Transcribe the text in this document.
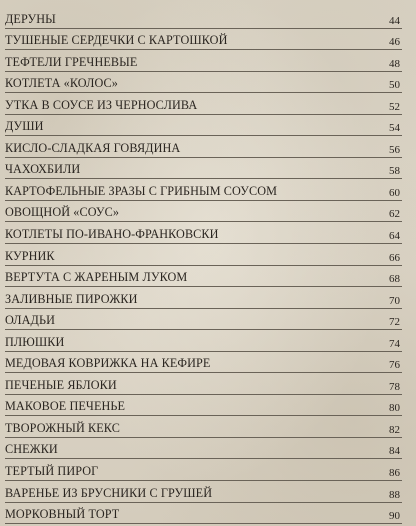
ДЕРУНЫ	44
ТУШЕНЫЕ СЕРДЕЧКИ С КАРТОШКОЙ	46
ТЕФТЕЛИ ГРЕЧНЕВЫЕ	48
КОТЛЕТА «КОЛОС»	50
УТКА В СОУСЕ ИЗ ЧЕРНОСЛИВА	52
ДУШИ	54
КИСЛО-СЛАДКАЯ ГОВЯДИНА	56
ЧАХОХБИЛИ	58
КАРТОФЕЛЬНЫЕ ЗРАЗЫ С ГРИБНЫМ СОУСОМ	60
ОВОЩНОЙ «СОУС»	62
КОТЛЕТЫ ПО-ИВАНО-ФРАНКОВСКИ	64
КУРНИК	66
ВЕРТУТА С ЖАРЕНЫМ ЛУКОМ	68
ЗАЛИВНЫЕ ПИРОЖКИ	70
ОЛАДЬИ	72
ПЛЮШКИ	74
МЕДОВАЯ КОВРИЖКА НА КЕФИРЕ	76
ПЕЧЕНЫЕ ЯБЛОКИ	78
МАКОВОЕ ПЕЧЕНЬЕ	80
ТВОРОЖНЫЙ КЕКС	82
СНЕЖКИ	84
ТЕРТЫЙ ПИРОГ	86
ВАРЕНЬЕ ИЗ БРУСНИКИ С ГРУШЕЙ	88
МОРКОВНЫЙ ТОРТ	90
